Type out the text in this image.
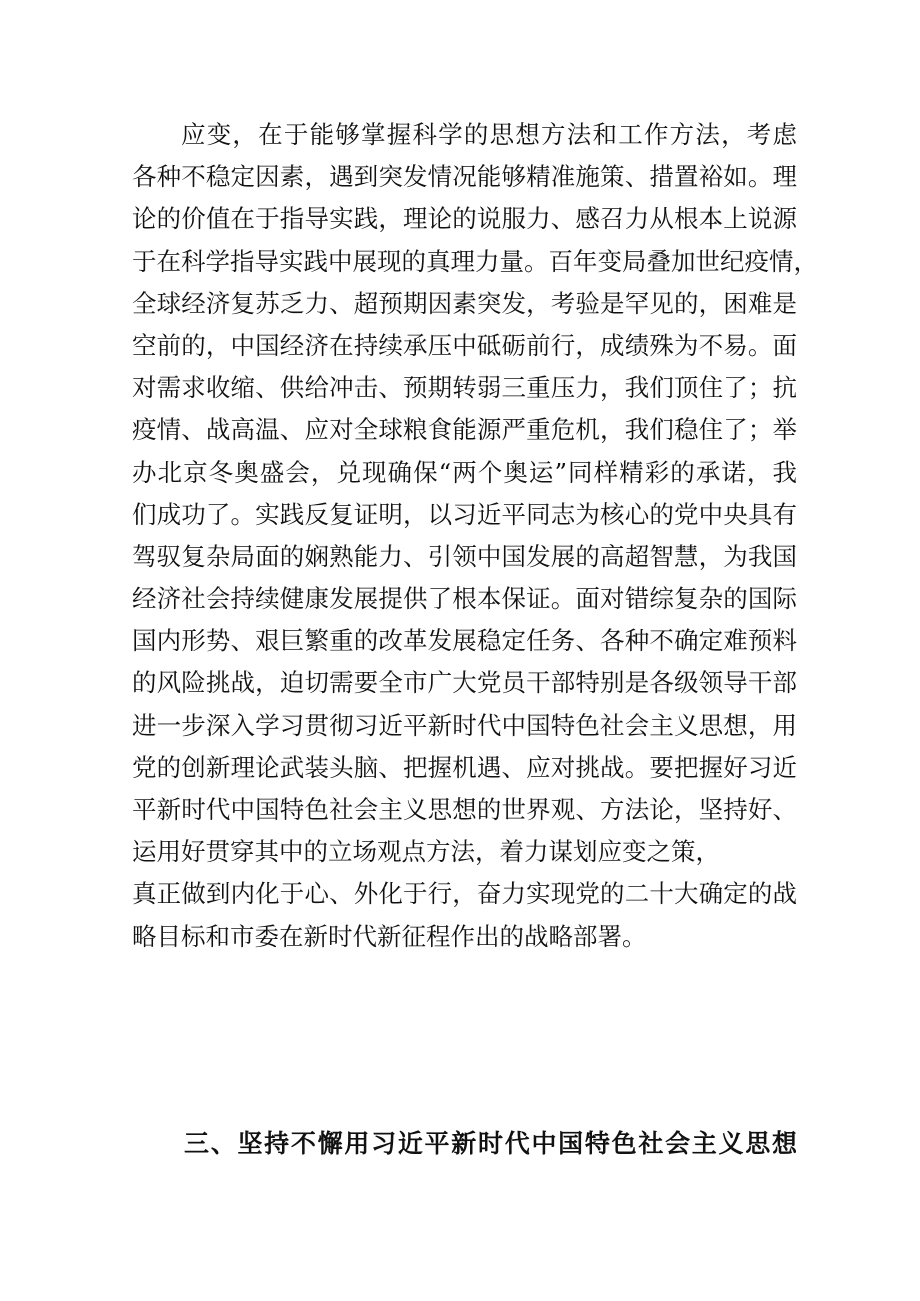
应变，在于能够掌握科学的思想方法和工作方法，考虑
各种不稳定因素，遇到突发情况能够精准施策、措置裕如。理
论的价值在于指导实践，理论的说服力、感召力从根本上说源
于在科学指导实践中展现的真理力量。百年变局叠加世纪疫情，
全球经济复苏乏力、超预期因素突发，考验是罕见的，困难是
空前的，中国经济在持续承压中砥砺前行，成绩殊为不易。面
对需求收缩、供给冲击、预期转弱三重压力，我们顶住了；抗
疫情、战高温、应对全球粮食能源严重危机，我们稳住了；举
办北京冬奥盛会，兑现确保“两个奥运”同样精彩的承诺，我
们成功了。实践反复证明，以习近平同志为核心的党中央具有
驾驭复杂局面的娴熟能力、引领中国发展的高超智慧，为我国
经济社会持续健康发展提供了根本保证。面对错综复杂的国际
国内形势、艰巨繁重的改革发展稳定任务、各种不确定难预料
的风险挑战，迫切需要全市广大党员干部特别是各级领导干部
进一步深入学习贯彻习近平新时代中国特色社会主义思想，用
党的创新理论武装头脑、把握机遇、应对挑战。要把握好习近
平新时代中国特色社会主义思想的世界观、方法论，坚持好、
运用好贯穿其中的立场观点方法，着力谋划应变之策，
真正做到内化于心、外化于行，奋力实现党的二十大确定的战
略目标和市委在新时代新征程作出的战略部署。
三、坚持不懈用习近平新时代中国特色社会主义思想
